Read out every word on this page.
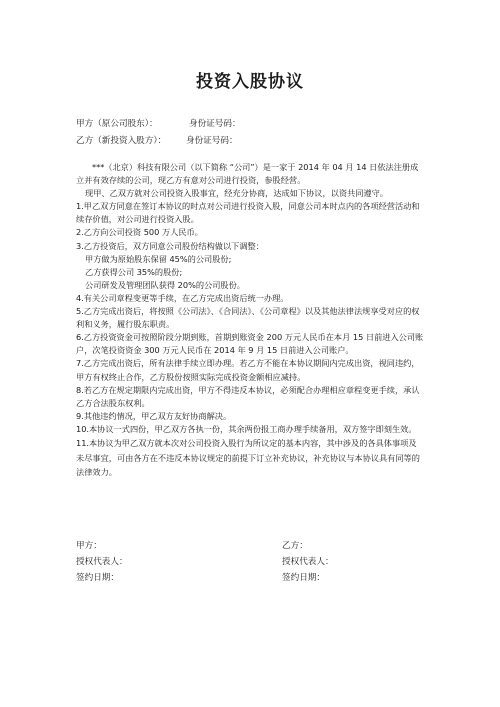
投资入股协议
甲方（原公司股东）：	身份证号码：
乙方（新投资入股方）： 身份证号码：

***（北京）科技有限公司（以下简称 “公司”）是一家于 2014 年 04 月 14 日依法注册成

立并有效存续的公司，现乙方有意对公司进行投资，参股经营。

现甲、乙双方就对公司投资入股事宜，经充分协商，达成如下协议，以资共同遵守。

1.甲乙双方同意在签订本协议的时点对公司进行投资入股，同意公司本时点内的各项经营活动和

续存价值，对公司进行投资入股。

2.乙方向公司投资 500 万人民币。

3.乙方投资后，双方同意公司股份结构做以下调整：

甲方做为原始股东保留 45%的公司股份;

乙方获得公司 35%的股份;

公司研发及管理团队获得 20%的公司股份。

4.有关公司章程变更等手续，在乙方完成出资后统一办理。

5.乙方完成出资后，将按照《公司法》、《合同法》、《公司章程》以及其他法律法规享受对应的权

利和义务，履行股东职责。

6.乙方投资资金可按照阶段分期到账，首期到账资金 200 万元人民币在本月 15 日前进入公司账

户，次笔投资资金 300 万元人民币在 2014 年 9 月 15 日前进入公司账户。

7.乙方完成出资后，所有法律手续立即办理。若乙方不能在本协议期间内完成出资，视同违约，

甲方有权终止合作，乙方股份按照实际完成投资金额相应减持。

8.若乙方在规定期限内完成出资，甲方不得违反本协议，必须配合办理相应章程变更手续，承认

乙方合法股东权利。

9.其他违约情况，甲乙双方友好协商解决。

10.本协议一式四份，甲乙双方各执一份，其余两份报工商办理手续备用，双方签字即刻生效。

11.本协议为甲乙双方就本次对公司投资入股行为所议定的基本内容，其中涉及的各具体事项及

未尽事宜，可由各方在不违反本协议规定的前提下订立补充协议，补充协议与本协议具有同等的

法律效力。

甲方：
授权代表人：
签约日期：
乙方：
授权代表人：
签约日期：
